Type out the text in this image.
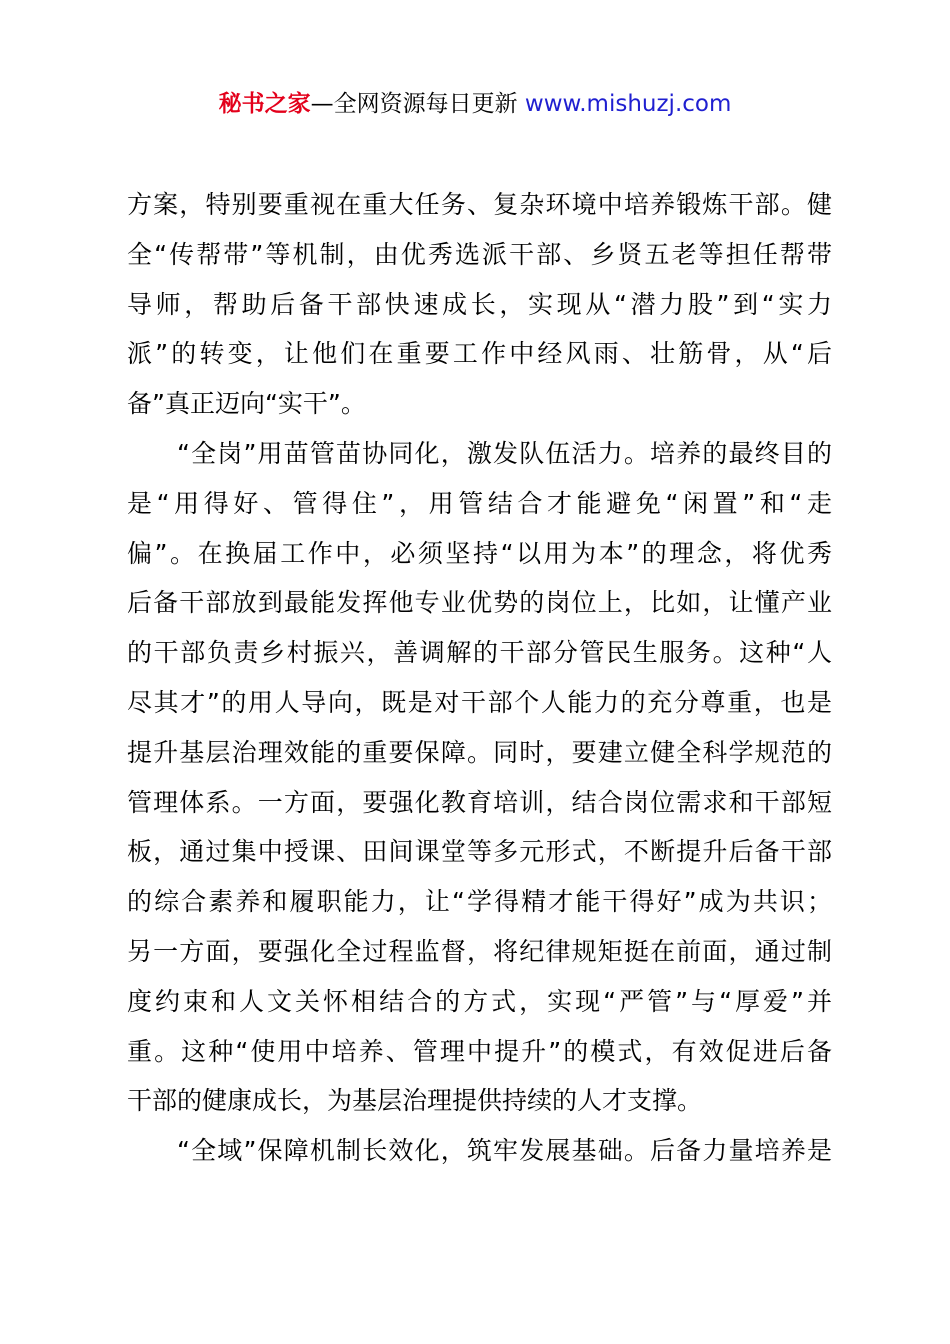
秘书之家—全网资源每日更新 www.mishuzj.com
方案，特别要重视在重大任务、复杂环境中培养锻炼干部。健
全“传帮带”等机制，由优秀选派干部、乡贤五老等担任帮带
导师，帮助后备干部快速成长，实现从“潜力股”到“实力
派”的转变，让他们在重要工作中经风雨、壮筋骨，从“后
备”真正迈向“实干”。
“全岗”用苗管苗协同化，激发队伍活力。培养的最终目的
是“用得好、管得住”，用管结合才能避免“闲置”和“走
偏”。在换届工作中，必须坚持“以用为本”的理念，将优秀
后备干部放到最能发挥他专业优势的岗位上，比如，让懂产业
的干部负责乡村振兴，善调解的干部分管民生服务。这种“人
尽其才”的用人导向，既是对干部个人能力的充分尊重，也是
提升基层治理效能的重要保障。同时，要建立健全科学规范的
管理体系。一方面，要强化教育培训，结合岗位需求和干部短
板，通过集中授课、田间课堂等多元形式，不断提升后备干部
的综合素养和履职能力，让“学得精才能干得好”成为共识；
另一方面，要强化全过程监督，将纪律规矩挺在前面，通过制
度约束和人文关怀相结合的方式，实现“严管”与“厚爱”并
重。这种“使用中培养、管理中提升”的模式，有效促进后备
干部的健康成长，为基层治理提供持续的人才支撑。
“全域”保障机制长效化，筑牢发展基础。后备力量培养是
